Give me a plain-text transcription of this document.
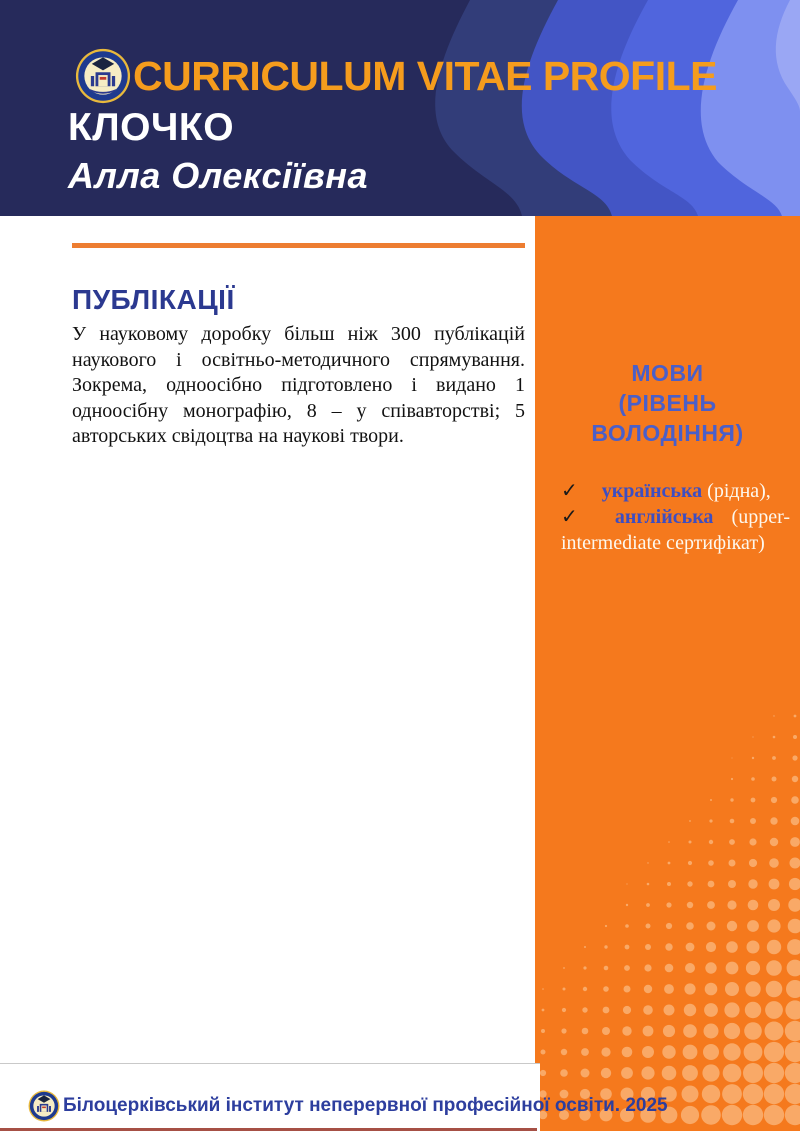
CURRICULUM VITAE PROFILE
КЛОЧКО
Алла Олексіївна
ПУБЛІКАЦІЇ

У науковому доробку більш ніж 300 публікацій наукового і освітньо-методичного спрямування. Зокрема, одноосібно підготовлено і видано 1 одноосібну монографію, 8 – у співавторстві; 5 авторських свідоцтва на наукові твори.

МОВИ
(РІВЕНЬ
ВОЛОДІННЯ)

✓ українська (рідна),

✓ англійська (upper-intermediate сертифікат)

Білоцерківський інститут неперервної професійної освіти. 2025
